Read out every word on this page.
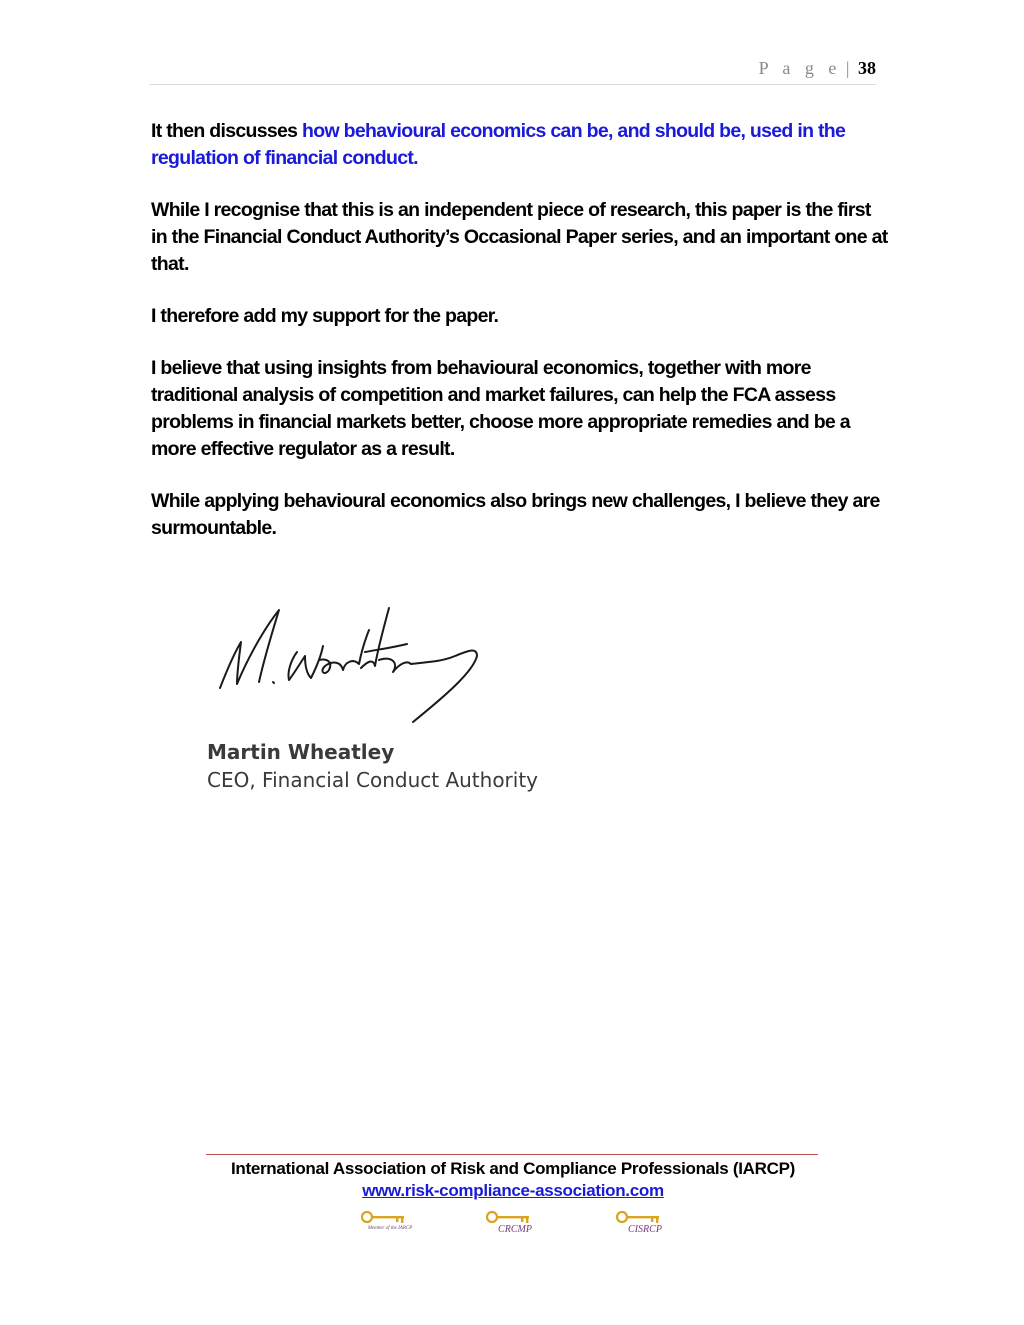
P a g e | 38

It then discusses how behavioural economics can be, and should be, used in the regulation of financial conduct.

While I recognise that this is an independent piece of research, this paper is the first in the Financial Conduct Authority’s Occasional Paper series, and an important one at that.

I therefore add my support for the paper.

I believe that using insights from behavioural economics, together with more traditional analysis of competition and market failures, can help the FCA assess problems in financial markets better, choose more appropriate remedies and be a more effective regulator as a result.

While applying behavioural economics also brings new challenges, I believe they are surmountable.

Martin Wheatley
CEO, Financial Conduct Authority
International Association of Risk and Compliance Professionals (IARCP)
www.risk-compliance-association.com
Member of the IARCP	CRCMP	CISRCP
